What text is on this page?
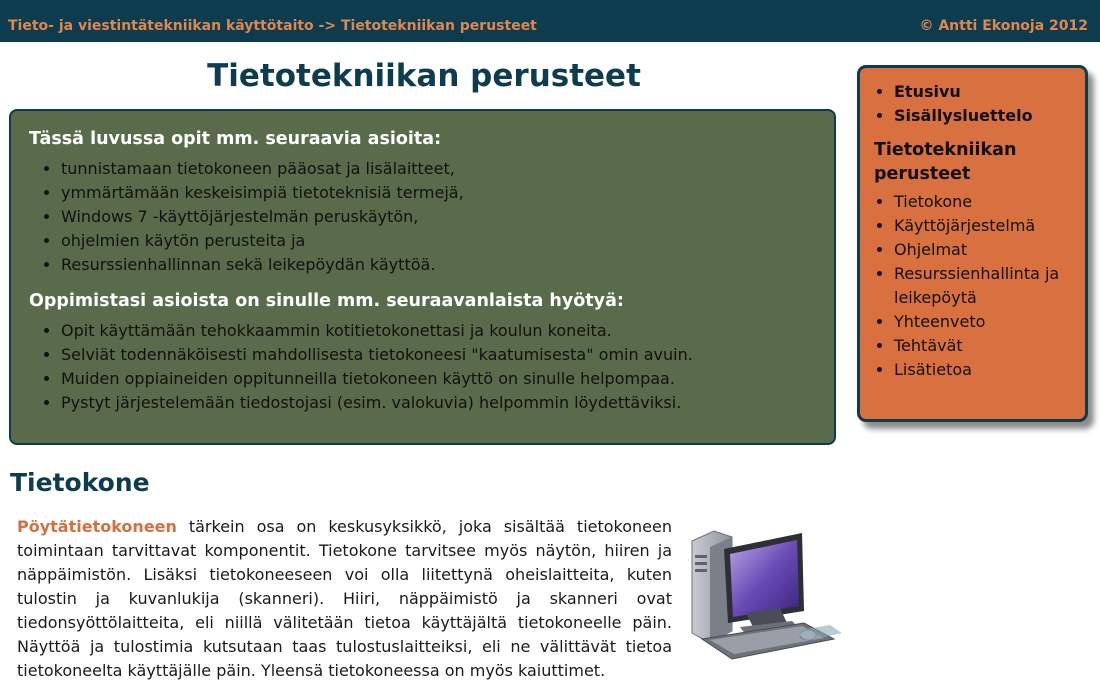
Tieto- ja viestintätekniikan käyttötaito -> Tietotekniikan perusteet	© Antti Ekonoja 2012
Tietotekniikan perusteet
Tässä luvussa opit mm. seuraavia asioita:
• tunnistamaan tietokoneen pääosat ja lisälaitteet,
• ymmärtämään keskeisimpiä tietoteknisiä termejä,
• Windows 7 -käyttöjärjestelmän peruskäytön,
• ohjelmien käytön perusteita ja
• Resurssienhallinnan sekä leikepöydän käyttöä.
Oppimistasi asioista on sinulle mm. seuraavanlaista hyötyä:
• Opit käyttämään tehokkaammin kotitietokonettasi ja koulun koneita.
• Selviät todennäköisesti mahdollisesta tietokoneesi "kaatumisesta" omin avuin.
• Muiden oppiaineiden oppitunneilla tietokoneen käyttö on sinulle helpompaa.
• Pystyt järjestelemään tiedostojasi (esim. valokuvia) helpommin löydettäviksi.
Tietokone

Pöytätietokoneen tärkein osa on keskusyksikkö, joka sisältää tietokoneen toimintaan tarvittavat komponentit. Tietokone tarvitsee myös näytön, hiiren ja näppäimistön. Lisäksi tietokoneeseen voi olla liitettynä oheislaitteita, kuten tulostin ja kuvanlukija (skanneri). Hiiri, näppäimistö ja skanneri ovat tiedonsyöttölaitteita, eli niillä välitetään tietoa käyttäjältä tietokoneelle päin. Näyttöä ja tulostimia kutsutaan taas tulostuslaitteiksi, eli ne välittävät tietoa tietokoneelta käyttäjälle päin. Yleensä tietokoneessa on myös kaiuttimet.

• Etusivu
• Sisällysluettelo
Tietotekniikan perusteet
• Tietokone
• Käyttöjärjestelmä
• Ohjelmat
• Resurssienhallinta ja leikepöytä
• Yhteenveto
• Tehtävät
• Lisätietoa
